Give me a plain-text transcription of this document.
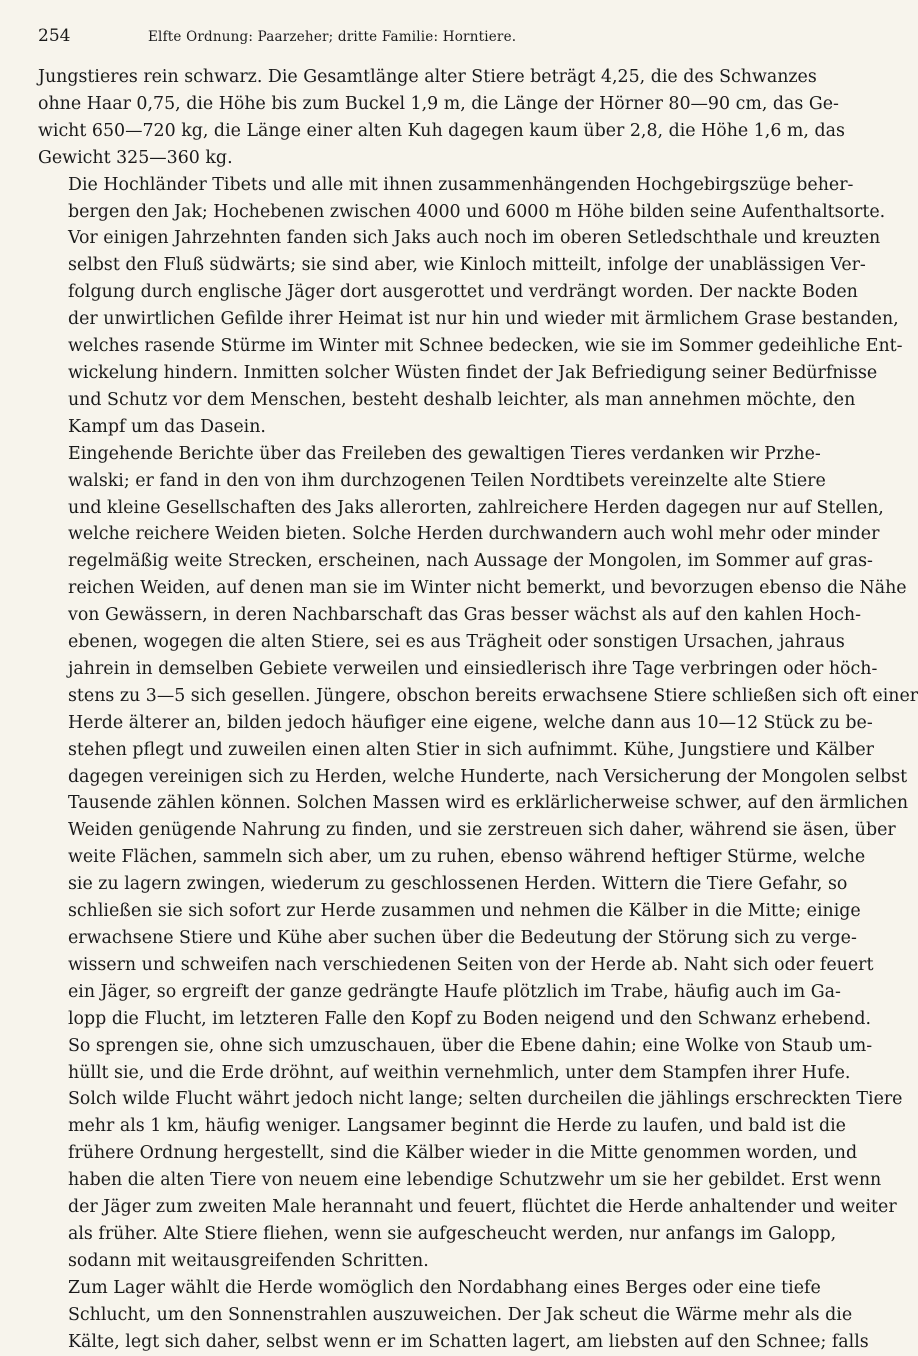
254	Elfte Ordnung: Paarzeher; dritte Familie: Horntiere.
Jungstieres rein schwarz. Die Gesamtlänge alter Stiere beträgt 4,25, die des Schwanzes
ohne Haar 0,75, die Höhe bis zum Buckel 1,9 m, die Länge der Hörner 80—90 cm, das Ge-
wicht 650—720 kg, die Länge einer alten Kuh dagegen kaum über 2,8, die Höhe 1,6 m, das
Gewicht 325—360 kg.
Die Hochländer Tibets und alle mit ihnen zusammenhängenden Hochgebirgszüge beher-
bergen den Jak; Hochebenen zwischen 4000 und 6000 m Höhe bilden seine Aufenthaltsorte.
Vor einigen Jahrzehnten fanden sich Jaks auch noch im oberen Setledschthale und kreuzten
selbst den Fluß südwärts; sie sind aber, wie Kinloch mitteilt, infolge der unablässigen Ver-
folgung durch englische Jäger dort ausgerottet und verdrängt worden. Der nackte Boden
der unwirtlichen Gefilde ihrer Heimat ist nur hin und wieder mit ärmlichem Grase bestanden,
welches rasende Stürme im Winter mit Schnee bedecken, wie sie im Sommer gedeihliche Ent-
wickelung hindern. Inmitten solcher Wüsten findet der Jak Befriedigung seiner Bedürfnisse
und Schutz vor dem Menschen, besteht deshalb leichter, als man annehmen möchte, den
Kampf um das Dasein.
Eingehende Berichte über das Freileben des gewaltigen Tieres verdanken wir Przhe-
walski; er fand in den von ihm durchzogenen Teilen Nordtibets vereinzelte alte Stiere
und kleine Gesellschaften des Jaks allerorten, zahlreichere Herden dagegen nur auf Stellen,
welche reichere Weiden bieten. Solche Herden durchwandern auch wohl mehr oder minder
regelmäßig weite Strecken, erscheinen, nach Aussage der Mongolen, im Sommer auf gras-
reichen Weiden, auf denen man sie im Winter nicht bemerkt, und bevorzugen ebenso die Nähe
von Gewässern, in deren Nachbarschaft das Gras besser wächst als auf den kahlen Hoch-
ebenen, wogegen die alten Stiere, sei es aus Trägheit oder sonstigen Ursachen, jahraus
jahrein in demselben Gebiete verweilen und einsiedlerisch ihre Tage verbringen oder höch-
stens zu 3—5 sich gesellen. Jüngere, obschon bereits erwachsene Stiere schließen sich oft einer
Herde älterer an, bilden jedoch häufiger eine eigene, welche dann aus 10—12 Stück zu be-
stehen pflegt und zuweilen einen alten Stier in sich aufnimmt. Kühe, Jungstiere und Kälber
dagegen vereinigen sich zu Herden, welche Hunderte, nach Versicherung der Mongolen selbst
Tausende zählen können. Solchen Massen wird es erklärlicherweise schwer, auf den ärmlichen
Weiden genügende Nahrung zu finden, und sie zerstreuen sich daher, während sie äsen, über
weite Flächen, sammeln sich aber, um zu ruhen, ebenso während heftiger Stürme, welche
sie zu lagern zwingen, wiederum zu geschlossenen Herden. Wittern die Tiere Gefahr, so
schließen sie sich sofort zur Herde zusammen und nehmen die Kälber in die Mitte; einige
erwachsene Stiere und Kühe aber suchen über die Bedeutung der Störung sich zu verge-
wissern und schweifen nach verschiedenen Seiten von der Herde ab. Naht sich oder feuert
ein Jäger, so ergreift der ganze gedrängte Haufe plötzlich im Trabe, häufig auch im Ga-
lopp die Flucht, im letzteren Falle den Kopf zu Boden neigend und den Schwanz erhebend.
So sprengen sie, ohne sich umzuschauen, über die Ebene dahin; eine Wolke von Staub um-
hüllt sie, und die Erde dröhnt, auf weithin vernehmlich, unter dem Stampfen ihrer Hufe.
Solch wilde Flucht währt jedoch nicht lange; selten durcheilen die jählings erschreckten Tiere
mehr als 1 km, häufig weniger. Langsamer beginnt die Herde zu laufen, und bald ist die
frühere Ordnung hergestellt, sind die Kälber wieder in die Mitte genommen worden, und
haben die alten Tiere von neuem eine lebendige Schutzwehr um sie her gebildet. Erst wenn
der Jäger zum zweiten Male herannaht und feuert, flüchtet die Herde anhaltender und weiter
als früher. Alte Stiere fliehen, wenn sie aufgescheucht werden, nur anfangs im Galopp,
sodann mit weitausgreifenden Schritten.
Zum Lager wählt die Herde womöglich den Nordabhang eines Berges oder eine tiefe
Schlucht, um den Sonnenstrahlen auszuweichen. Der Jak scheut die Wärme mehr als die
Kälte, legt sich daher, selbst wenn er im Schatten lagert, am liebsten auf den Schnee; falls
